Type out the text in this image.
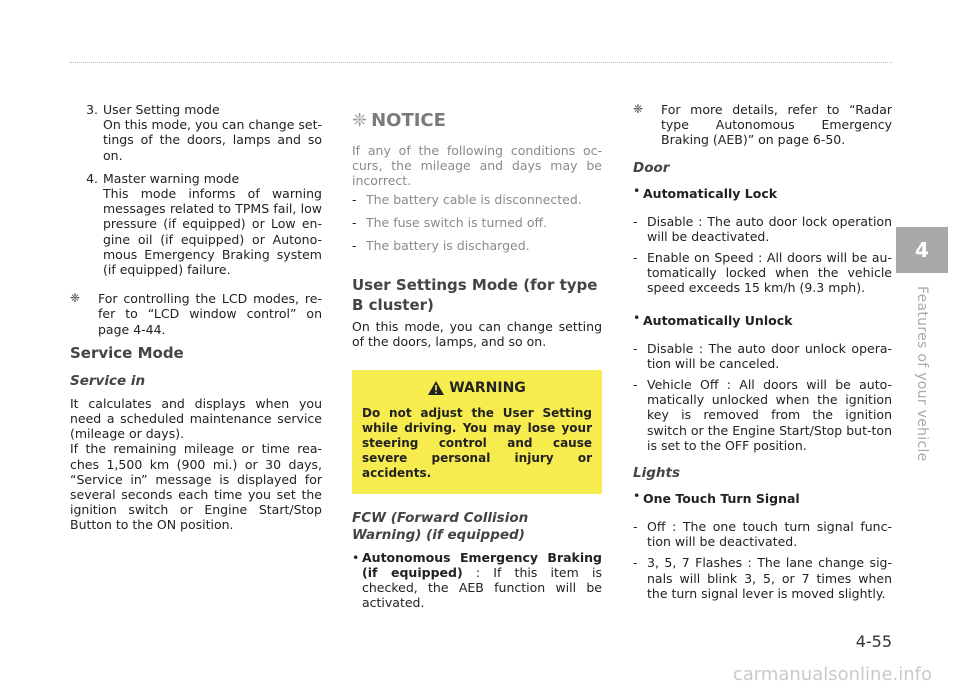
3. User Setting mode

On this mode, you can change set-tings of the doors, lamps and so on.

4. Master warning mode

This mode informs of warning messages related to TPMS fail, low pressure (if equipped) or Low en-gine oil (if equipped) or Autono-mous Emergency Braking system (if equipped) failure.

❈	For controlling the LCD modes, re-fer to “LCD window control” on page 4-44.

Service Mode
Service in

It calculates and displays when you need a scheduled maintenance service (mileage or days).

If the remaining mileage or time rea-ches 1,500 km (900 mi.) or 30 days, “Service in” message is displayed for several seconds each time you set the ignition switch or Engine Start/Stop Button to the ON position.

❈ NOTICE

If any of the following conditions oc-curs, the mileage and days may be incorrect.

- The battery cable is disconnected.

- The fuse switch is turned off.

- The battery is discharged.

User Settings Mode (for type B cluster)

On this mode, you can change setting of the doors, lamps, and so on.

WARNING

Do not adjust the User Setting while driving. You may lose your steering control and cause severe personal injury or accidents.

FCW (Forward Collision Warning) (if equipped)
• Autonomous Emergency Braking (if equipped) : If this item is checked, the AEB function will be activated.

❈	For more details, refer to “Radar type Autonomous Emergency Braking (AEB)” on page 6-50.

Door
• Automatically Lock
- Disable : The auto door lock operation will be deactivated.

- Enable on Speed : All doors will be au-tomatically locked when the vehicle speed exceeds 15 km/h (9.3 mph).

• Automatically Unlock
- Disable : The auto door unlock opera-tion will be canceled.

- Vehicle Off : All doors will be auto-matically unlocked when the ignition key is removed from the ignition switch or the Engine Start/Stop but-ton is set to the OFF position.

Lights
• One Touch Turn Signal
- Off : The one touch turn signal func-tion will be deactivated.

- 3, 5, 7 Flashes : The lane change sig-nals will blink 3, 5, or 7 times when the turn signal lever is moved slightly.

4
Features of your vehicle
4-55
carmanualsonline.info
